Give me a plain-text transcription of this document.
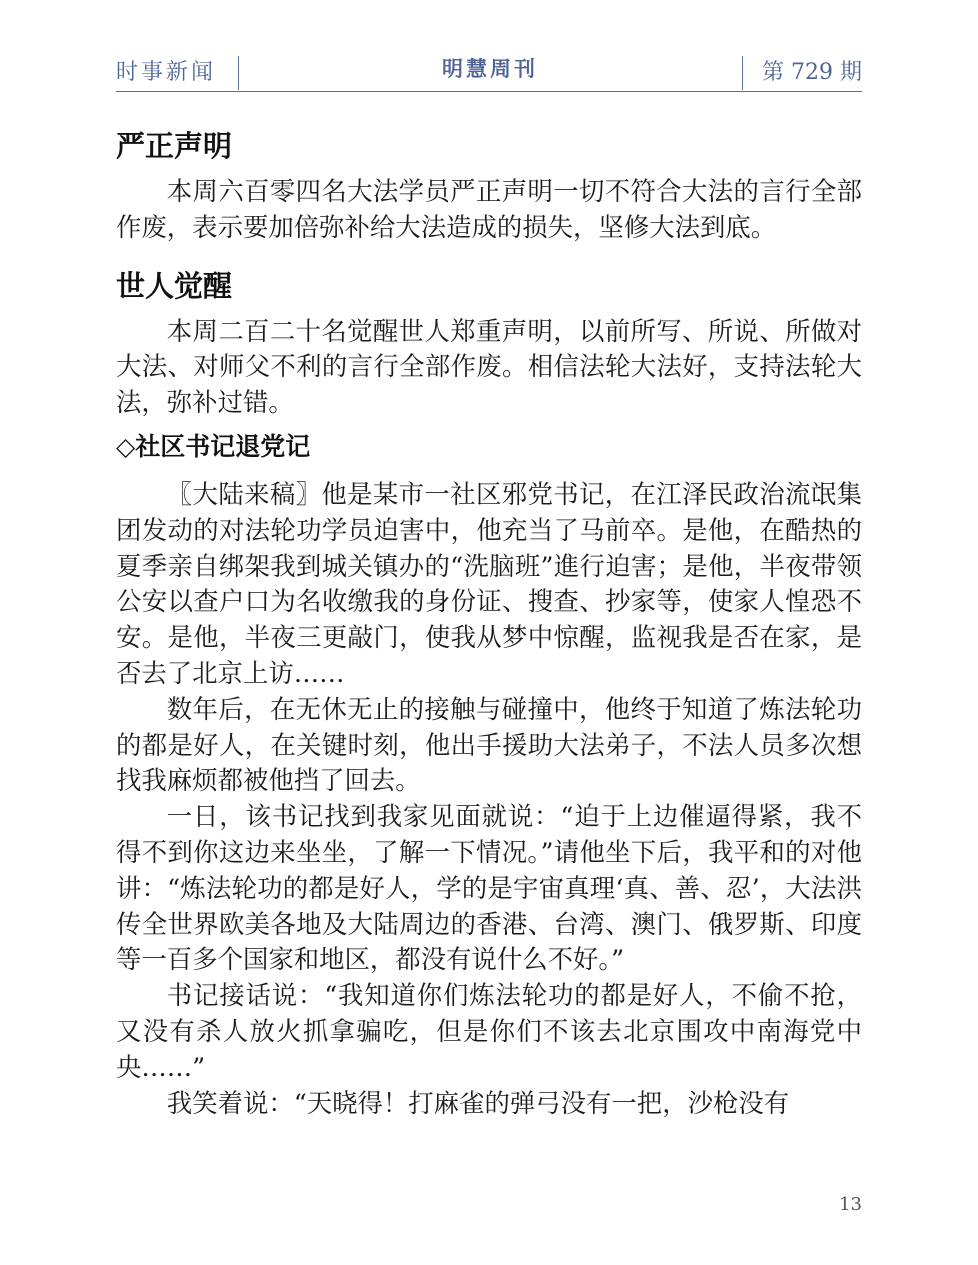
时事新闻	明慧周刊	第 729 期
严正声明

本周六百零四名大法学员严正声明一切不符合大法的言行全部作废，表示要加倍弥补给大法造成的损失，坚修大法到底。

世人觉醒

本周二百二十名觉醒世人郑重声明，以前所写、所说、所做对大法、对师父不利的言行全部作废。相信法轮大法好，支持法轮大法，弥补过错。

◇社区书记退党记

〖大陆来稿〗他是某市一社区邪党书记，在江泽民政治流氓集团发动的对法轮功学员迫害中，他充当了马前卒。是他，在酷热的夏季亲自绑架我到城关镇办的“洗脑班”進行迫害；是他，半夜带领公安以查户口为名收缴我的身份证、搜查、抄家等，使家人惶恐不安。是他，半夜三更敲门，使我从梦中惊醒，监视我是否在家，是否去了北京上访……

数年后，在无休无止的接触与碰撞中，他终于知道了炼法轮功的都是好人，在关键时刻，他出手援助大法弟子，不法人员多次想找我麻烦都被他挡了回去。

一日，该书记找到我家见面就说：“迫于上边催逼得紧，我不得不到你这边来坐坐，了解一下情况。”请他坐下后，我平和的对他讲：“炼法轮功的都是好人，学的是宇宙真理‘真、善、忍’，大法洪传全世界欧美各地及大陆周边的香港、台湾、澳门、俄罗斯、印度等一百多个国家和地区，都没有说什么不好。”

书记接话说：“我知道你们炼法轮功的都是好人，不偷不抢，又没有杀人放火抓拿骗吃，但是你们不该去北京围攻中南海党中央……”

我笑着说：“天晓得！打麻雀的弹弓没有一把，沙枪没有

13
